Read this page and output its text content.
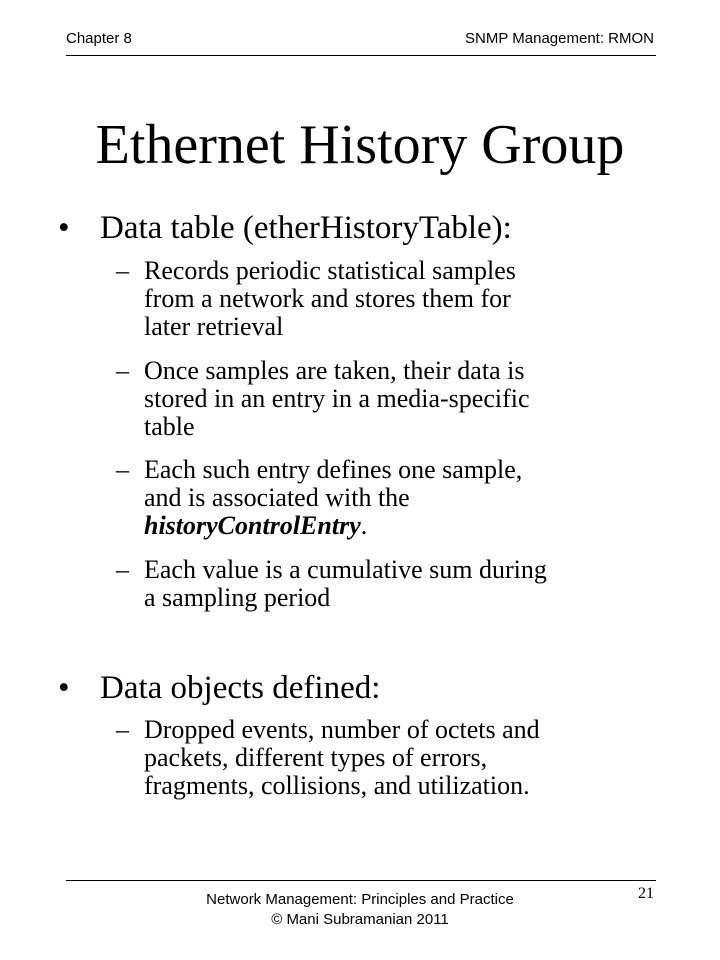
Chapter 8	SNMP Management: RMON
Ethernet History Group
• Data table (etherHistoryTable):
– Records periodic statistical samples
from a network and stores them for
later retrieval
– Once samples are taken, their data is
stored in an entry in a media-specific
table
– Each such entry defines one sample,
and is associated with the
historyControlEntry.
– Each value is a cumulative sum during
a sampling period
• Data objects defined:
– Dropped events, number of octets and
packets, different types of errors,
fragments, collisions, and utilization.
Network Management: Principles and Practice
© Mani Subramanian 2011
21
